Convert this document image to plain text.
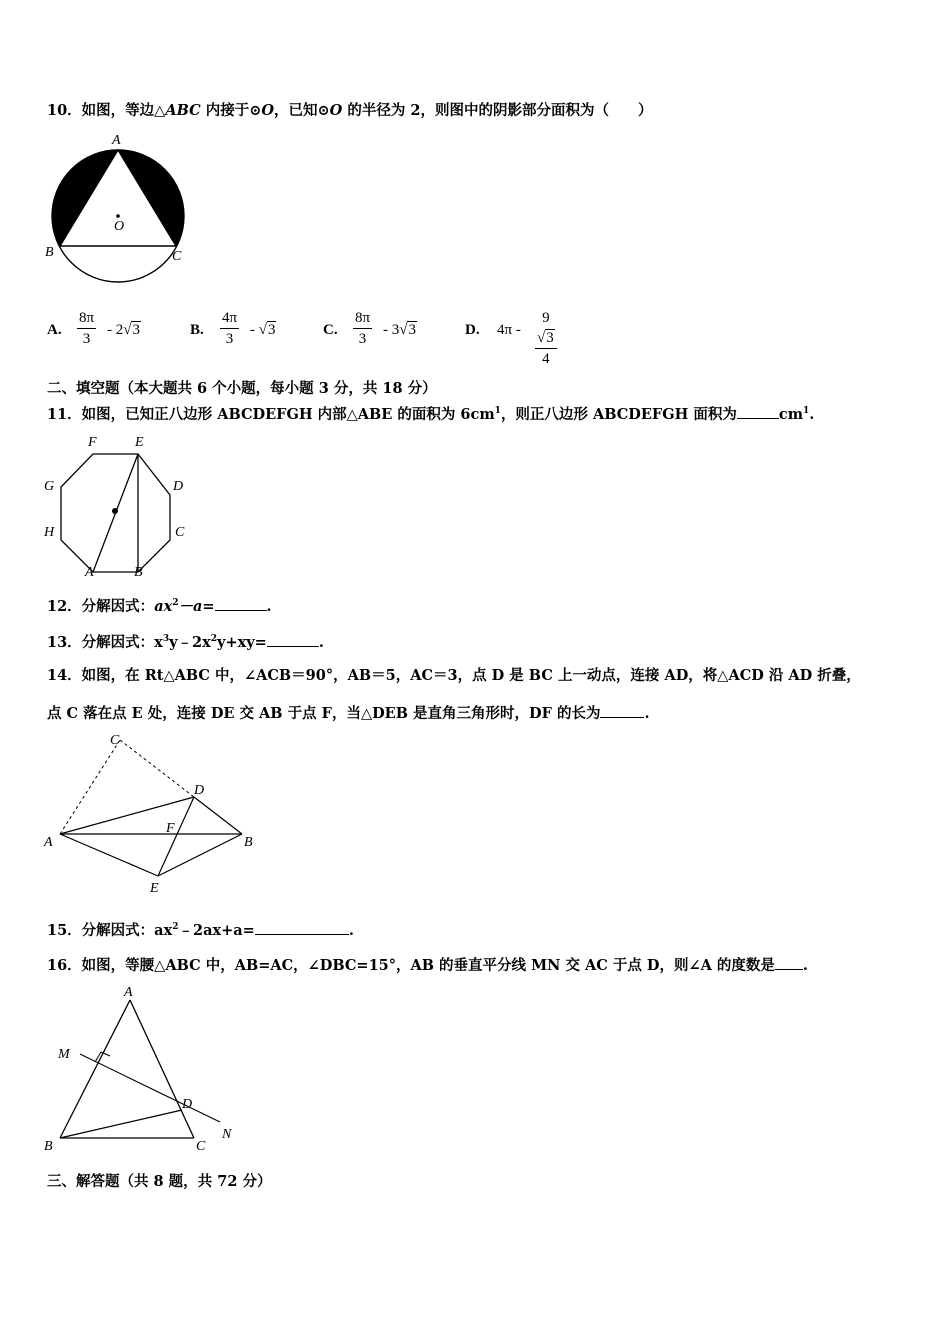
10．如图，等边△ABC 内接于⊙O，已知⊙O 的半径为 2，则图中的阴影部分面积为（　　）
A
O
B	C
A. $\frac{8\pi}{3} - 2√3$	B. $\frac{4\pi}{3} - √3$	C. $\frac{8\pi}{3} - 3√3$	D. $4\pi - \frac{9√3}{4}$
二、填空题（本大题共 6 个小题，每小题 3 分，共 18 分）
11．如图，已知正八边形 ABCDEFGH 内部△ABE 的面积为 $6cm^1$，则正八边形 ABCDEFGH 面积为	$cm^1$.
F	E
G	D
H	C
A	B
12．分解因式：$ax^2-a=$	.
13．分解因式：$x^3y﹣2x^2y+xy=$	.
14．如图，在 Rt△ABC 中，∠ACB＝90°，AB＝5，AC＝3，点 D 是 BC 上一动点，连接 AD，将△ACD 沿 AD 折叠，
点 C 落在点 E 处，连接 DE 交 AB 于点 F，当△DEB 是直角三角形时，DF 的长为	.
C
D
F
A	B
E
15．分解因式：$ax^2﹣2ax+a=$	.
16．如图，等腰△ABC 中，AB=AC，∠DBC=15°，AB 的垂直平分线 MN 交 AC 于点 D，则∠A 的度数是 .
A
M
D
B	C
N
三、解答题（共 8 题，共 72 分）
